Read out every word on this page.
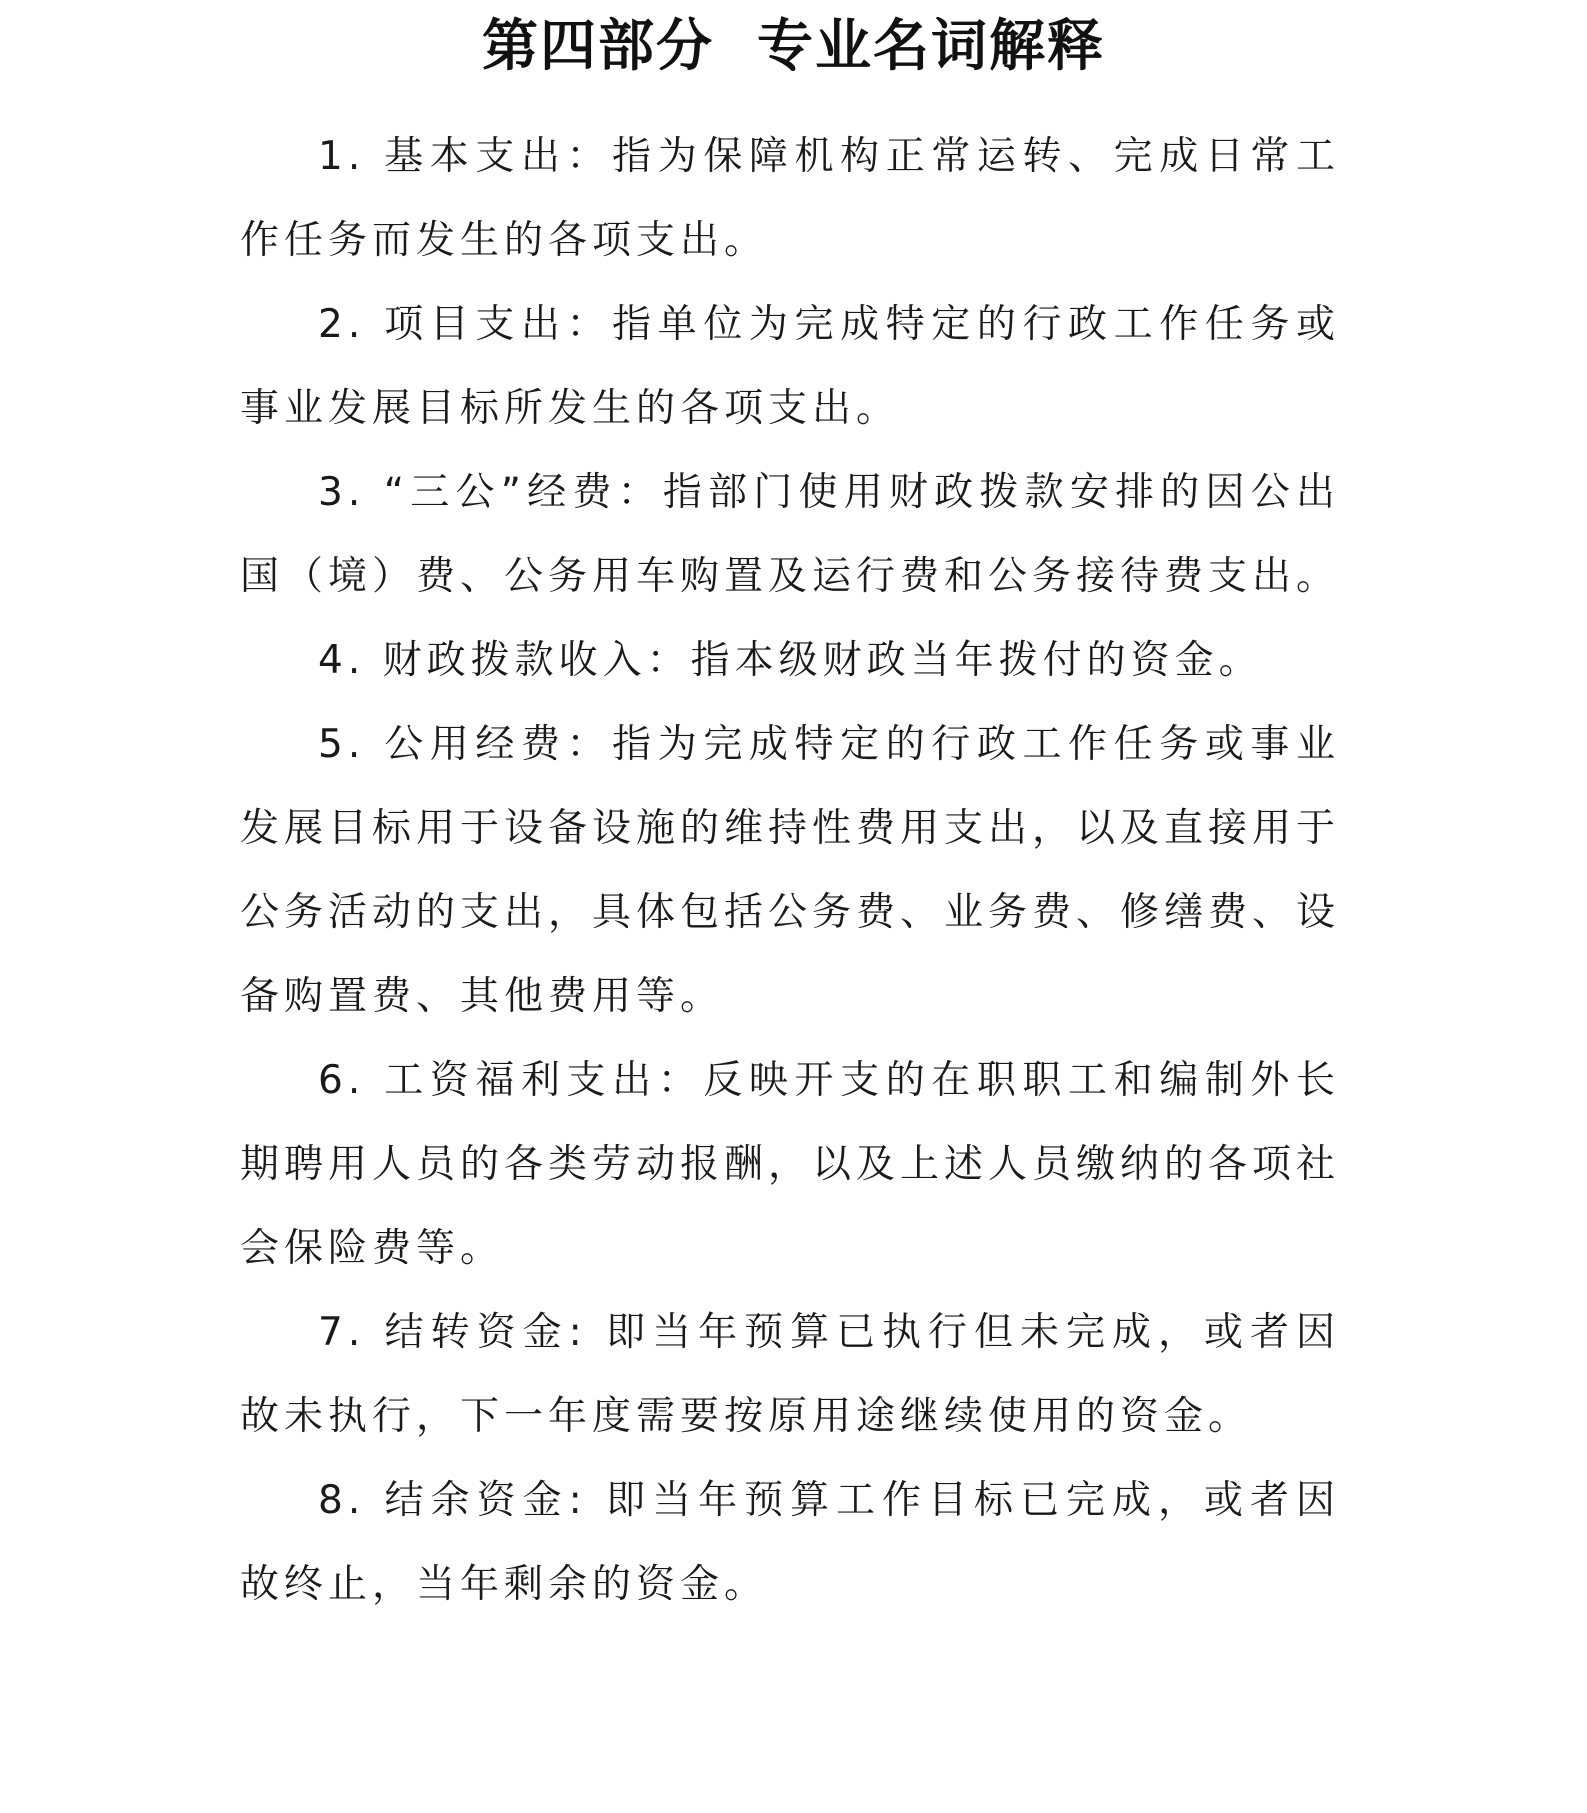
第四部分  专业名词解释

1. 基本支出：指为保障机构正常运转、完成日常工作任务而发生的各项支出。

2. 项目支出：指单位为完成特定的行政工作任务或事业发展目标所发生的各项支出。

3. “三公”经费：指部门使用财政拨款安排的因公出国（境）费、公务用车购置及运行费和公务接待费支出。

4. 财政拨款收入：指本级财政当年拨付的资金。

5. 公用经费：指为完成特定的行政工作任务或事业发展目标用于设备设施的维持性费用支出，以及直接用于公务活动的支出，具体包括公务费、业务费、修缮费、设备购置费、其他费用等。

6. 工资福利支出：反映开支的在职职工和编制外长期聘用人员的各类劳动报酬，以及上述人员缴纳的各项社会保险费等。

7. 结转资金: 即当年预算已执行但未完成，或者因故未执行，下一年度需要按原用途继续使用的资金。

8. 结余资金: 即当年预算工作目标已完成，或者因故终止，当年剩余的资金。
